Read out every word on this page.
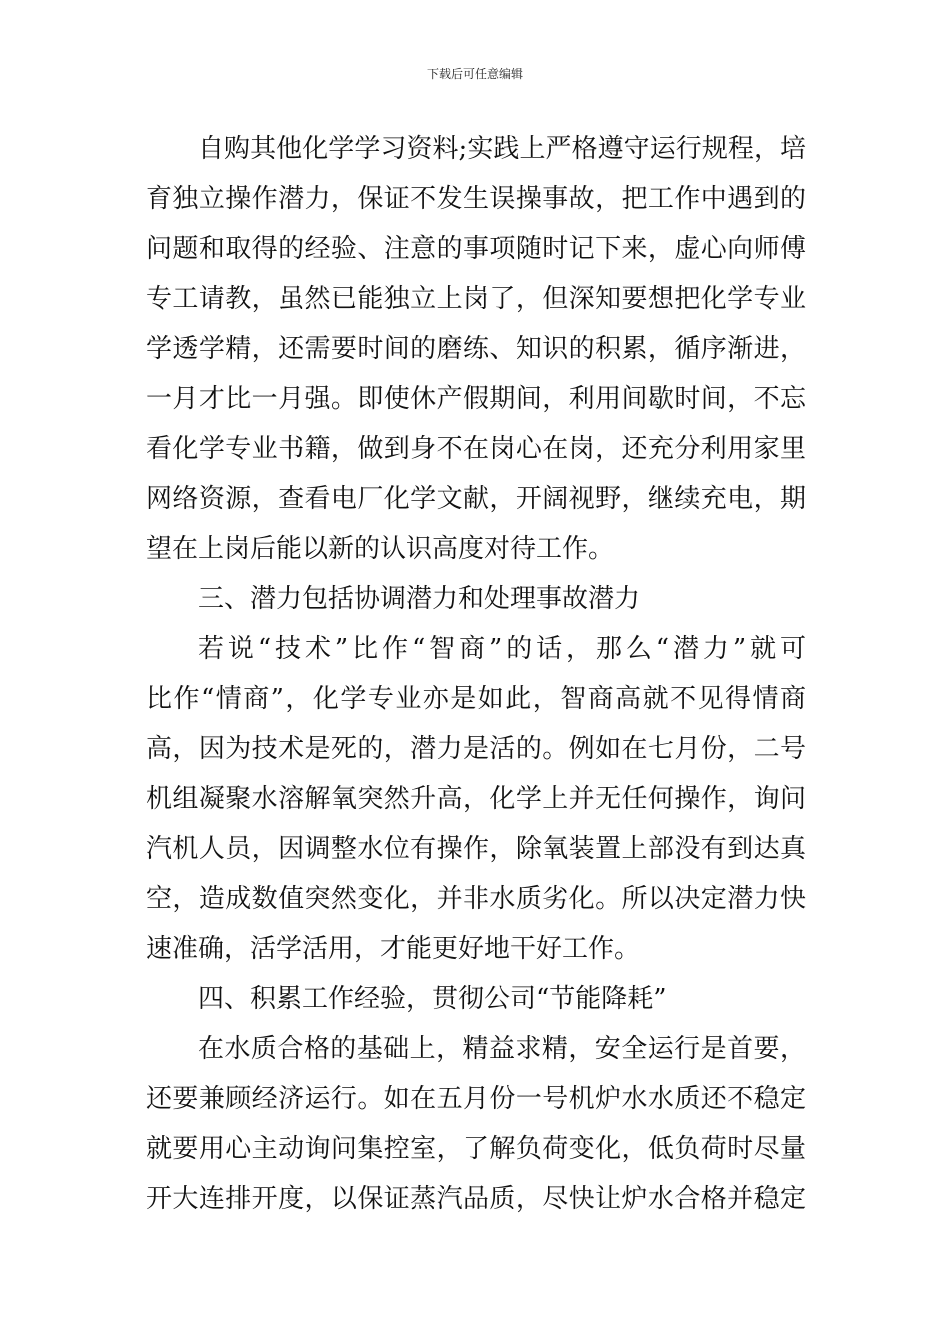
下载后可任意编辑
自购其他化学学习资料;实践上严格遵守运行规程，培
育独立操作潜力，保证不发生误操事故，把工作中遇到的
问题和取得的经验、注意的事项随时记下来，虚心向师傅
专工请教，虽然已能独立上岗了，但深知要想把化学专业
学透学精，还需要时间的磨练、知识的积累，循序渐进，
一月才比一月强。即使休产假期间，利用间歇时间，不忘
看化学专业书籍，做到身不在岗心在岗，还充分利用家里
网络资源，查看电厂化学文献，开阔视野，继续充电，期
望在上岗后能以新的认识高度对待工作。
三、潜力包括协调潜力和处理事故潜力
若说“技术”比作“智商”的话，那么“潜力”就可
比作“情商”，化学专业亦是如此，智商高就不见得情商
高，因为技术是死的，潜力是活的。例如在七月份，二号
机组凝聚水溶解氧突然升高，化学上并无任何操作，询问
汽机人员，因调整水位有操作，除氧装置上部没有到达真
空，造成数值突然变化，并非水质劣化。所以决定潜力快
速准确，活学活用，才能更好地干好工作。
四、积累工作经验，贯彻公司“节能降耗”
在水质合格的基础上，精益求精，安全运行是首要，
还要兼顾经济运行。如在五月份一号机炉水水质还不稳定
就要用心主动询问集控室，了解负荷变化，低负荷时尽量
开大连排开度，以保证蒸汽品质，尽快让炉水合格并稳定
